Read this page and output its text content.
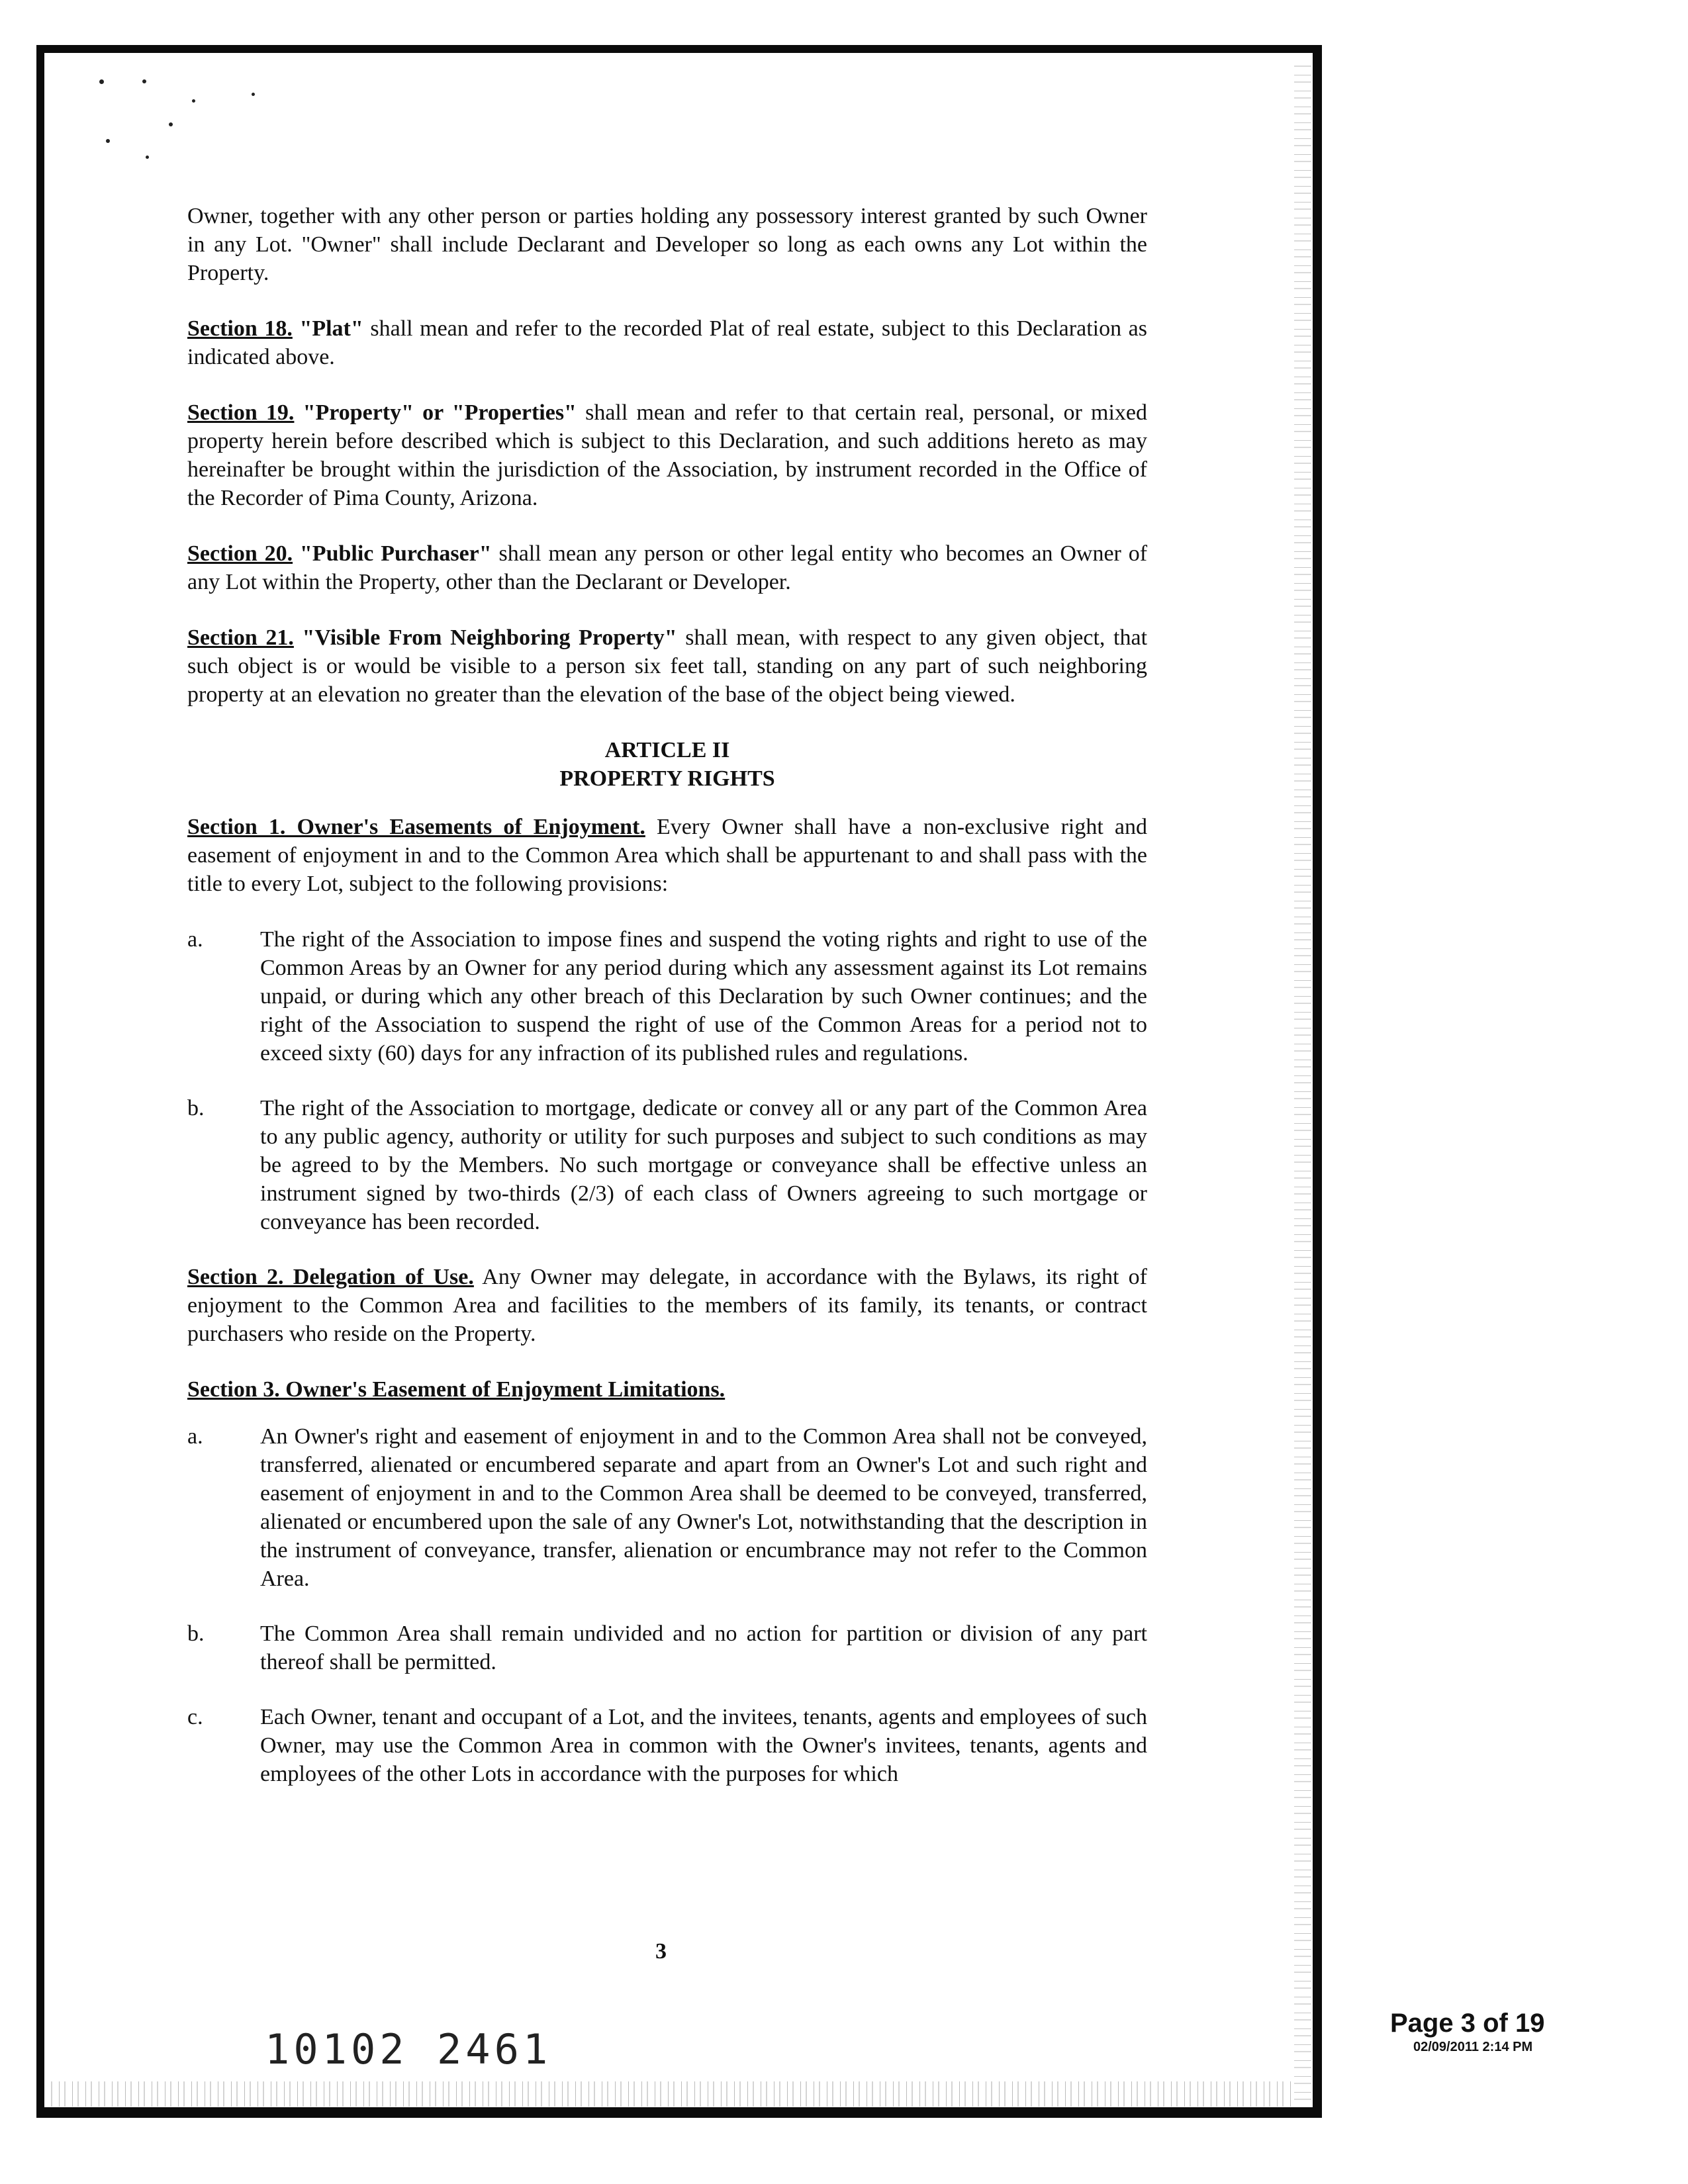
Owner, together with any other person or parties holding any possessory interest granted by such Owner in any Lot. "Owner" shall include Declarant and Developer so long as each owns any Lot within the Property.

Section 18. "Plat" shall mean and refer to the recorded Plat of real estate, subject to this Declaration as indicated above.

Section 19. "Property" or "Properties" shall mean and refer to that certain real, personal, or mixed property herein before described which is subject to this Declaration, and such additions hereto as may hereinafter be brought within the jurisdiction of the Association, by instrument recorded in the Office of the Recorder of Pima County, Arizona.

Section 20. "Public Purchaser" shall mean any person or other legal entity who becomes an Owner of any Lot within the Property, other than the Declarant or Developer.

Section 21. "Visible From Neighboring Property" shall mean, with respect to any given object, that such object is or would be visible to a person six feet tall, standing on any part of such neighboring property at an elevation no greater than the elevation of the base of the object being viewed.

ARTICLE II
PROPERTY RIGHTS

Section 1. Owner's Easements of Enjoyment. Every Owner shall have a non-exclusive right and easement of enjoyment in and to the Common Area which shall be appurtenant to and shall pass with the title to every Lot, subject to the following provisions:

a.	The right of the Association to impose fines and suspend the voting rights and right to use of the Common Areas by an Owner for any period during which any assessment against its Lot remains unpaid, or during which any other breach of this Declaration by such Owner continues; and the right of the Association to suspend the right of use of the Common Areas for a period not to exceed sixty (60) days for any infraction of its published rules and regulations.
b.	The right of the Association to mortgage, dedicate or convey all or any part of the Common Area to any public agency, authority or utility for such purposes and subject to such conditions as may be agreed to by the Members. No such mortgage or conveyance shall be effective unless an instrument signed by two-thirds (2/3) of each class of Owners agreeing to such mortgage or conveyance has been recorded.

Section 2. Delegation of Use. Any Owner may delegate, in accordance with the Bylaws, its right of enjoyment to the Common Area and facilities to the members of its family, its tenants, or contract purchasers who reside on the Property.

Section 3. Owner's Easement of Enjoyment Limitations.

a.	An Owner's right and easement of enjoyment in and to the Common Area shall not be conveyed, transferred, alienated or encumbered separate and apart from an Owner's Lot and such right and easement of enjoyment in and to the Common Area shall be deemed to be conveyed, transferred, alienated or encumbered upon the sale of any Owner's Lot, notwithstanding that the description in the instrument of conveyance, transfer, alienation or encumbrance may not refer to the Common Area.
b.	The Common Area shall remain undivided and no action for partition or division of any part thereof shall be permitted.
c.	Each Owner, tenant and occupant of a Lot, and the invitees, tenants, agents and employees of such Owner, may use the Common Area in common with the Owner's invitees, tenants, agents and employees of the other Lots in accordance with the purposes for which
3
10102 2461
Page 3 of 19
02/09/2011 2:14 PM
